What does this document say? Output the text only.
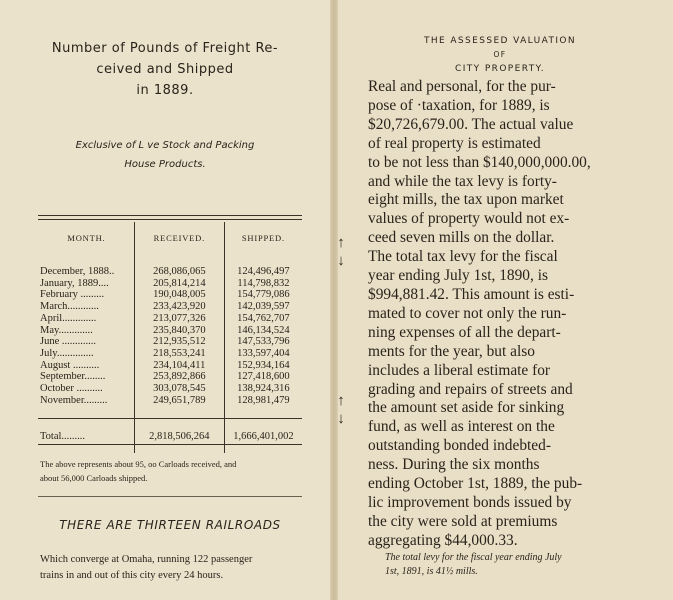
Number of Pounds of Freight Re-
ceived and Shipped
in 1889.
Exclusive of L ve Stock and Packing
House Products.
MONTH.	RECEIVED.	SHIPPED.

December, 1888..	268,086,065	124,496,497
January, 1889....	205,814,214	114,798,832
February .........	190,048,005	154,779,086
March............	233,423,920	142,039,597
April.............	213,077,326	154,762,707
May.............	235,840,370	146,134,524
June .............	212,935,512	147,533,796
July..............	218,553,241	133,597,404
August ..........	234,104,411	152,934,164
September........	253,892,866	127,418,600
October ..........	303,078,545	138,924,316
November.........	249,651,789	128,981,479

Total.........	2,818,506,264	1,666,401,002
The above represents about 95, oo Carloads received, and
about 56,000 Carloads shipped.
THERE ARE THIRTEEN RAILROADS
Which converge at Omaha, running 122 passenger
trains in and out of this city every 24 hours.
↑
↓
↑
↓
THE ASSESSED VALUATION
OF
CITY PROPERTY.
Real and personal, for the pur-
pose of ·taxation, for 1889, is
$20,726,679.00. The actual value
of real property is estimated
to be not less than $140,000,000.00,
and while the tax levy is forty-
eight mills, the tax upon market
values of property would not ex-
ceed seven mills on the dollar.
The total tax levy for the fiscal
year ending July 1st, 1890, is
$994,881.42. This amount is esti-
mated to cover not only the run-
ning expenses of all the depart-
ments for the year, but also
includes a liberal estimate for
grading and repairs of streets and
the amount set aside for sinking
fund, as well as interest on the
outstanding bonded indebted-
ness. During the six months
ending October 1st, 1889, the pub-
lic improvement bonds issued by
the city were sold at premiums
aggregating $44,000.33.
The total levy for the fiscal year ending July
1st, 1891, is 41½ mills.
